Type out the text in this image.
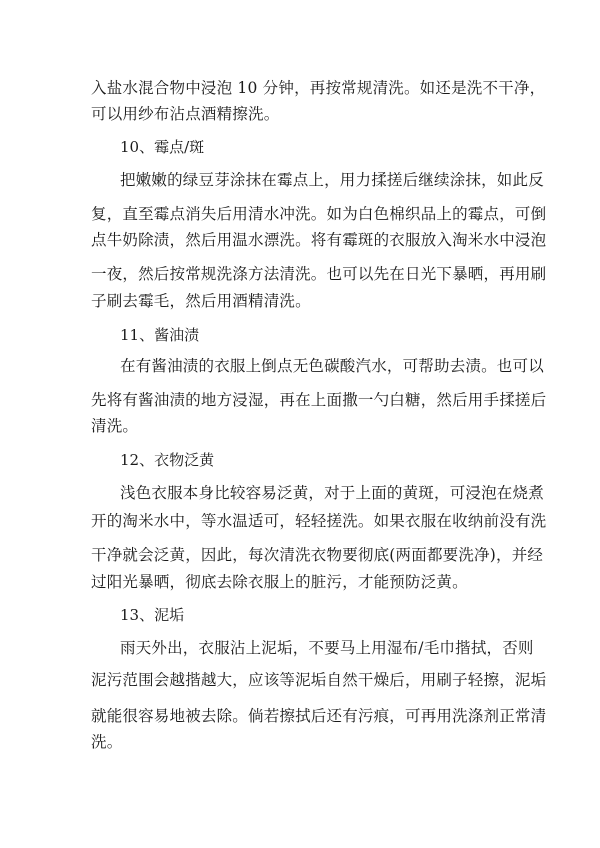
入盐水混合物中浸泡 10 分钟，再按常规清洗。如还是洗不干净，
可以用纱布沾点酒精擦洗。
10、霉点/斑
把嫩嫩的绿豆芽涂抹在霉点上，用力揉搓后继续涂抹，如此反
复，直至霉点消失后用清水冲洗。如为白色棉织品上的霉点，可倒
点牛奶除渍，然后用温水漂洗。将有霉斑的衣服放入淘米水中浸泡
一夜，然后按常规洗涤方法清洗。也可以先在日光下暴晒，再用刷
子刷去霉毛，然后用酒精清洗。
11、酱油渍
在有酱油渍的衣服上倒点无色碳酸汽水，可帮助去渍。也可以
先将有酱油渍的地方浸湿，再在上面撒一勺白糖，然后用手揉搓后
清洗。
12、衣物泛黄
浅色衣服本身比较容易泛黄，对于上面的黄斑，可浸泡在烧煮
开的淘米水中，等水温适可，轻轻搓洗。如果衣服在收纳前没有洗
干净就会泛黄，因此，每次清洗衣物要彻底(两面都要洗净)，并经
过阳光暴晒，彻底去除衣服上的脏污，才能预防泛黄。
13、泥垢
雨天外出，衣服沾上泥垢，不要马上用湿布/毛巾揩拭，否则
泥污范围会越揩越大，应该等泥垢自然干燥后，用刷子轻擦，泥垢
就能很容易地被去除。倘若擦拭后还有污痕，可再用洗涤剂正常清
洗。
